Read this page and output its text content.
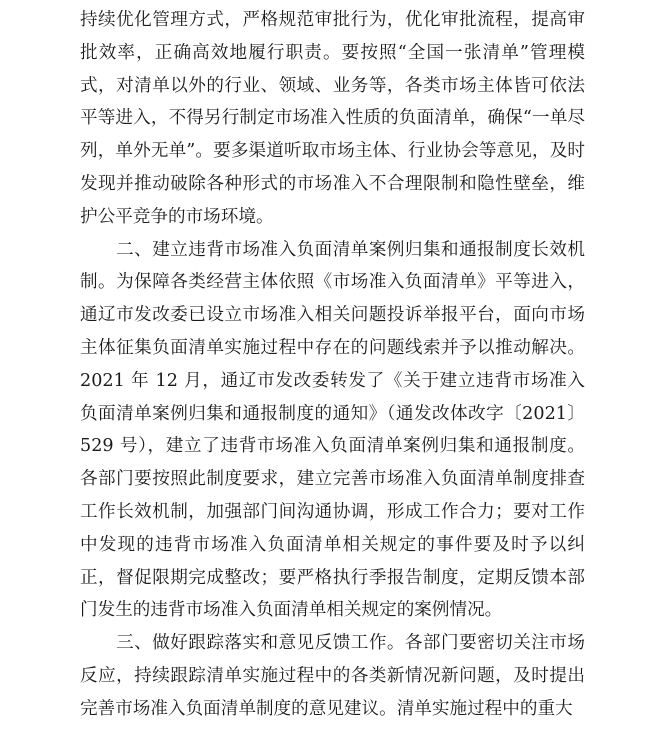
持续优化管理方式，严格规范审批行为，优化审批流程，提高审批效率，正确高效地履行职责。要按照“全国一张清单”管理模式，对清单以外的行业、领域、业务等，各类市场主体皆可依法平等进入，不得另行制定市场准入性质的负面清单，确保“一单尽列，单外无单”。要多渠道听取市场主体、行业协会等意见，及时发现并推动破除各种形式的市场准入不合理限制和隐性壁垒，维护公平竞争的市场环境。

　　二、建立违背市场准入负面清单案例归集和通报制度长效机制。为保障各类经营主体依照《市场准入负面清单》平等进入，通辽市发改委已设立市场准入相关问题投诉举报平台，面向市场主体征集负面清单实施过程中存在的问题线索并予以推动解决。2021 年 12 月，通辽市发改委转发了《关于建立违背市场准入负面清单案例归集和通报制度的通知》（通发改体改字〔2021〕529 号），建立了违背市场准入负面清单案例归集和通报制度。各部门要按照此制度要求，建立完善市场准入负面清单制度排查工作长效机制，加强部门间沟通协调，形成工作合力；要对工作中发现的违背市场准入负面清单相关规定的事件要及时予以纠正，督促限期完成整改；要严格执行季报告制度，定期反馈本部门发生的违背市场准入负面清单相关规定的案例情况。

　　三、做好跟踪落实和意见反馈工作。各部门要密切关注市场反应，持续跟踪清单实施过程中的各类新情况新问题，及时提出完善市场准入负面清单制度的意见建议。清单实施过程中的重大
